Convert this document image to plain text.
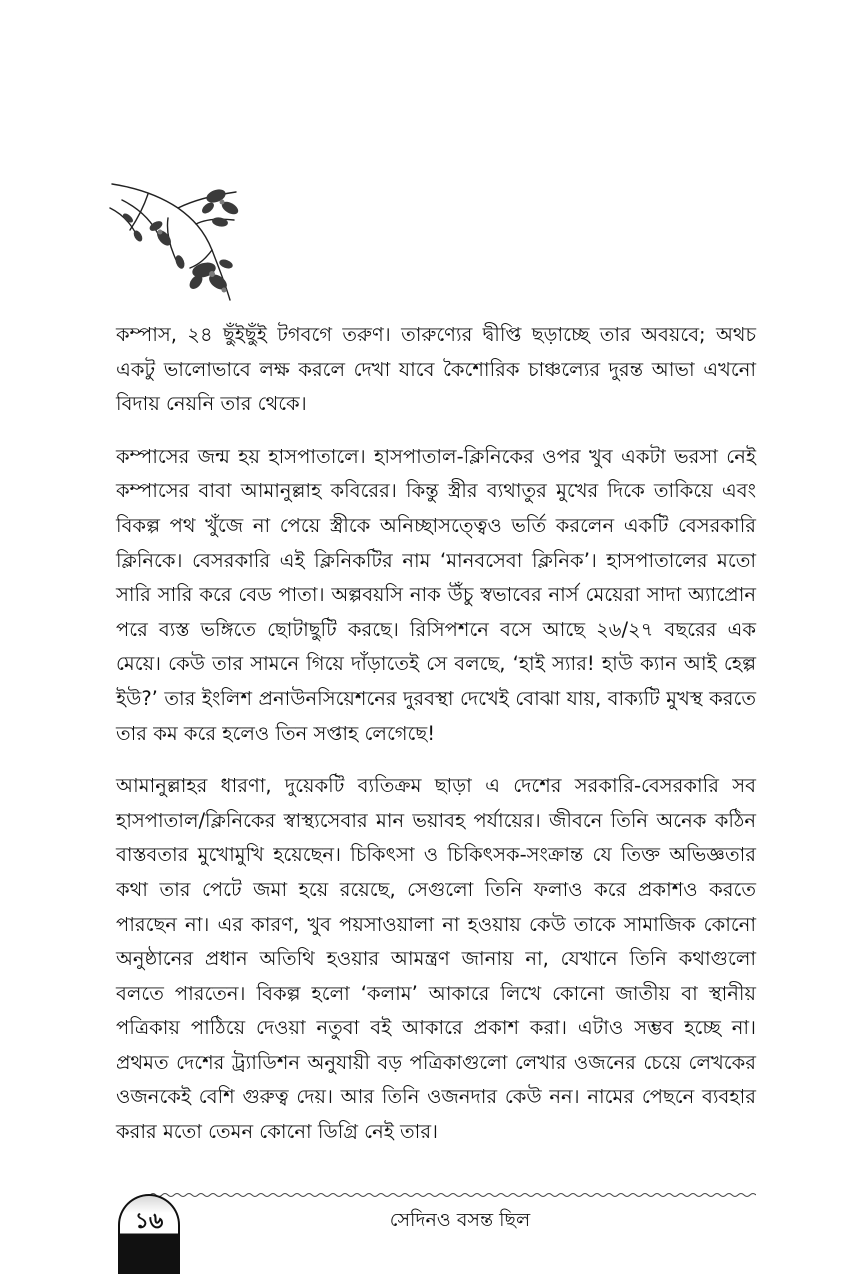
কম্পাস, ২৪ ছুঁইছুঁই টগবগে তরুণ। তারুণ্যের দ্বীপ্তি ছড়াচ্ছে তার অবয়বে; অথচ একটু ভালোভাবে লক্ষ করলে দেখা যাবে কৈশোরিক চাঞ্চল্যের দুরন্ত আভা এখনো বিদায় নেয়নি তার থেকে।

কম্পাসের জন্ম হয় হাসপাতালে। হাসপাতাল-ক্লিনিকের ওপর খুব একটা ভরসা নেই কম্পাসের বাবা আমানুল্লাহ কবিরের। কিন্তু স্ত্রীর ব্যথাতুর মুখের দিকে তাকিয়ে এবং বিকল্প পথ খুঁজে না পেয়ে স্ত্রীকে অনিচ্ছাসত্ত্বেও ভর্তি করলেন একটি বেসরকারি ক্লিনিকে। বেসরকারি এই ক্লিনিকটির নাম ‘মানবসেবা ক্লিনিক’। হাসপাতালের মতো সারি সারি করে বেড পাতা। অল্পবয়সি নাক উঁচু স্বভাবের নার্স মেয়েরা সাদা অ্যাপ্রোন পরে ব্যস্ত ভঙ্গিতে ছোটাছুটি করছে। রিসিপশনে বসে আছে ২৬/২৭ বছরের এক মেয়ে। কেউ তার সামনে গিয়ে দাঁড়াতেই সে বলছে, ‘হাই স্যার! হাউ ক্যান আই হেল্প ইউ?’ তার ইংলিশ প্রনাউনসিয়েশনের দুরবস্থা দেখেই বোঝা যায়, বাক্যটি মুখস্থ করতে তার কম করে হলেও তিন সপ্তাহ লেগেছে!

আমানুল্লাহর ধারণা, দুয়েকটি ব্যতিক্রম ছাড়া এ দেশের সরকারি-বেসরকারি সব হাসপাতাল/ক্লিনিকের স্বাস্থ্যসেবার মান ভয়াবহ পর্যায়ের। জীবনে তিনি অনেক কঠিন বাস্তবতার মুখোমুখি হয়েছেন। চিকিৎসা ও চিকিৎসক-সংক্রান্ত যে তিক্ত অভিজ্ঞতার কথা তার পেটে জমা হয়ে রয়েছে, সেগুলো তিনি ফলাও করে প্রকাশও করতে পারছেন না। এর কারণ, খুব পয়সাওয়ালা না হওয়ায় কেউ তাকে সামাজিক কোনো অনুষ্ঠানের প্রধান অতিথি হওয়ার আমন্ত্রণ জানায় না, যেখানে তিনি কথাগুলো বলতে পারতেন। বিকল্প হলো ‘কলাম’ আকারে লিখে কোনো জাতীয় বা স্থানীয় পত্রিকায় পাঠিয়ে দেওয়া নতুবা বই আকারে প্রকাশ করা। এটাও সম্ভব হচ্ছে না। প্রথমত দেশের ট্র্যাডিশন অনুযায়ী বড় পত্রিকাগুলো লেখার ওজনের চেয়ে লেখকের ওজনকেই বেশি গুরুত্ব দেয়। আর তিনি ওজনদার কেউ নন। নামের পেছনে ব্যবহার করার মতো তেমন কোনো ডিগ্রি নেই তার।

১৬	সেদিনও বসন্ত ছিল
